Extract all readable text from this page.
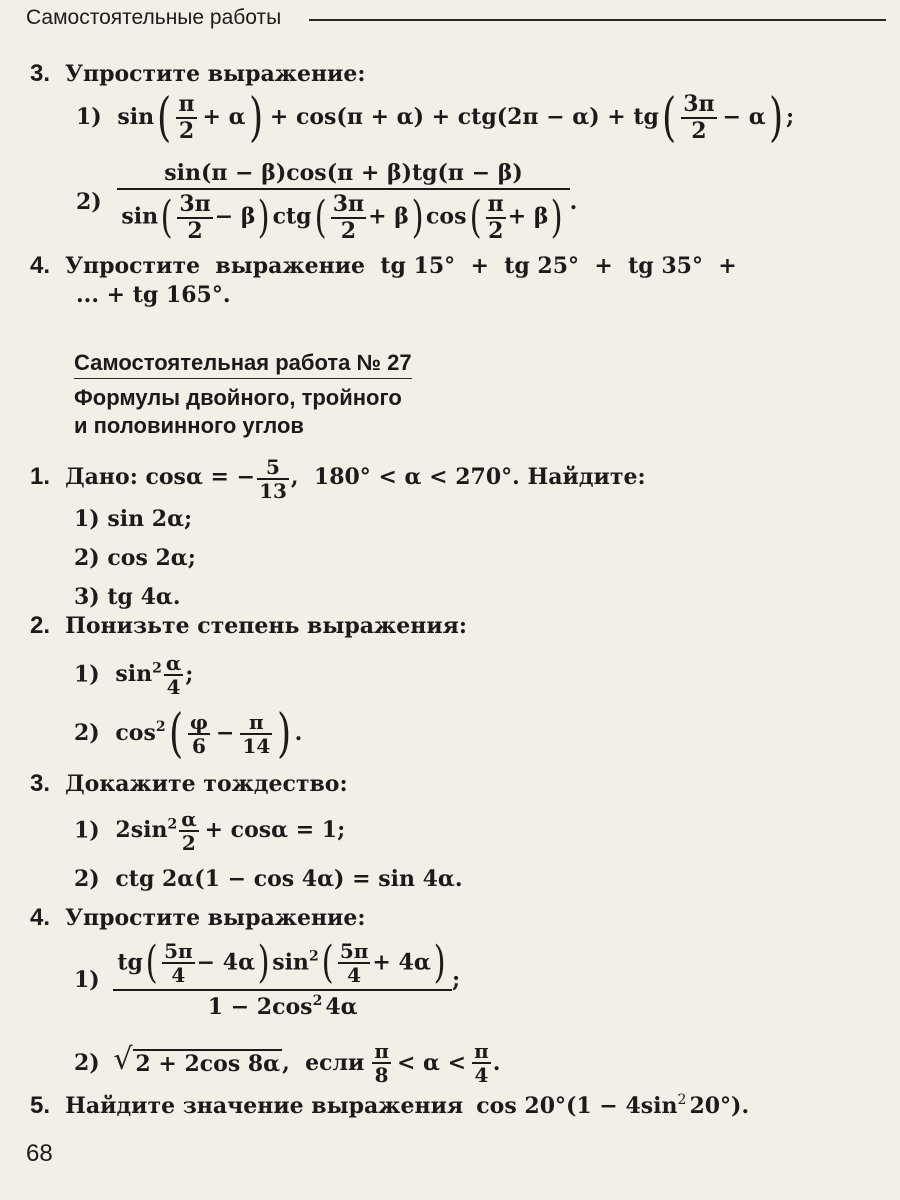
Самостоятельные работы
3. Упростите выражение:
1) $\sin( \frac{\pi}{2} + \alpha) + \cos(\pi + \alpha) + ctg(2\pi - \alpha) + tg( \frac{3\pi}{2} - \alpha)$ ;
$2) \frac{\sin(\pi - \beta)\cos(\pi + \beta)tg(\pi - \beta)}{\sin( \frac{3\pi}{2} - \beta) ctg( \frac{3\pi}{2} + \beta) \cos( \frac{\pi}{2} + \beta)}$ .
4. Упростите  выражение  tg 15°  +  tg 25°  +  tg 35°  +
... + tg 165°.
Самостоятельная работа № 27
Формулы двойного, тройного
и половинного углов
1. Дано: cosα = − $\frac{5}{13}$ ,  180° < α < 270°. Найдите:
1) sin 2α;
2) cos 2α;
3) tg 4α.
2. Понизьте степень выражения:
1) $\sin^2 \frac{\alpha}{4}$ ;
2) $\cos^2( \frac{\varphi}{6} - \frac{\pi}{14}$ ) .
3. Докажите тождество:
1) $2\sin^2 \frac{\alpha}{2} + \cos\alpha = 1$;
2) ctg 2α(1 − cos 4α) = sin 4α.
4. Упростите выражение:
$1) \frac{tg( \frac{5\pi}{4} - 4\alpha) \sin^2( \frac{5\pi}{4} + 4\alpha)}{1 - 2\cos^2 4\alpha}$ ;
2) √ 2 + 2cos 8α,  если $\frac{\pi}{8} < \alpha < \frac{\pi}{4}$ .
5. Найдите значение выражения $\cos 20^\circ(1 - 4\sin^2$ 20°).
68
